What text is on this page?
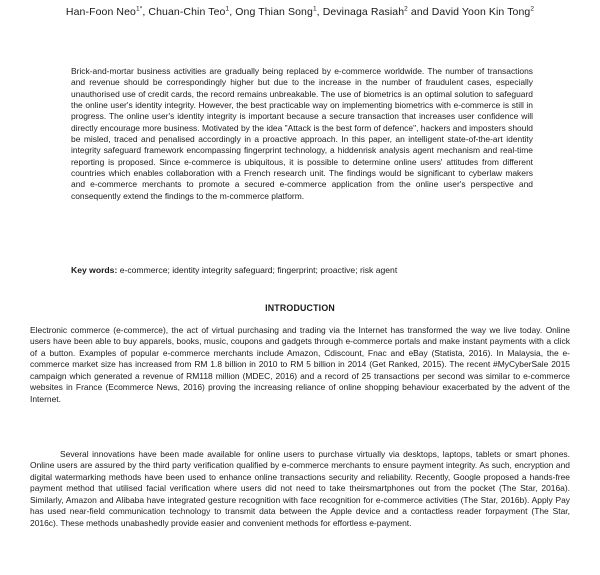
Han-Foon Neo$^{1*}$, Chuan-Chin Teo$^1$, Ong Thian Song$^1$, Devinaga Rasiah$^2$ and David Yoon Kin Tong$^2$

Brick-and-mortar business activities are gradually being replaced by e-commerce worldwide. The number of transactions and revenue should be correspondingly higher but due to the increase in the number of fraudulent cases, especially unauthorised use of credit cards, the record remains unbreakable. The use of biometrics is an optimal solution to safeguard the online user's identity integrity. However, the best practicable way on implementing biometrics with e-commerce is still in progress. The online user's identity integrity is important because a secure transaction that increases user confidence will directly encourage more business. Motivated by the idea "Attack is the best form of defence", hackers and imposters should be misled, traced and penalised accordingly in a proactive approach. In this paper, an intelligent state-of-the-art identity integrity safeguard framework encompassing fingerprint technology, a hiddenrisk analysis agent mechanism and real-time reporting is proposed. Since e-commerce is ubiquitous, it is possible to determine online users' attitudes from different countries which enables collaboration with a French research unit. The findings would be significant to cyberlaw makers and e-commerce merchants to promote a secured e-commerce application from the online user's perspective and consequently extend the findings to the m-commerce platform.

Key words: e-commerce; identity integrity safeguard; fingerprint; proactive; risk agent

INTRODUCTION

Electronic commerce (e-commerce), the act of virtual purchasing and trading via the Internet has transformed the way we live today. Online users have been able to buy apparels, books, music, coupons and gadgets through e-commerce portals and make instant payments with a click of a button. Examples of popular e-commerce merchants include Amazon, Cdiscount, Fnac and eBay (Statista, 2016). In Malaysia, the e-commerce market size has increased from RM 1.8 billion in 2010 to RM 5 billion in 2014 (Get Ranked, 2015). The recent #MyCyberSale 2015 campaign which generated a revenue of RM118 million (MDEC, 2016) and a record of 25 transactions per second was similar to e-commerce websites in France (Ecommerce News, 2016) proving the increasing reliance of online shopping behaviour exacerbated by the advent of the Internet.

Several innovations have been made available for online users to purchase virtually via desktops, laptops, tablets or smart phones. Online users are assured by the third party verification qualified by e-commerce merchants to ensure payment integrity. As such, encryption and digital watermarking methods have been used to enhance online transactions security and reliability. Recently, Google proposed a hands-free payment method that utilised facial verification where users did not need to take theirsmartphones out from the pocket (The Star, 2016a). Similarly, Amazon and Alibaba have integrated gesture recognition with face recognition for e-commerce activities (The Star, 2016b). Apply Pay has used near-field communication technology to transmit data between the Apple device and a contactless reader forpayment (The Star, 2016c). These methods unabashedly provide easier and convenient methods for effortless e-payment.
